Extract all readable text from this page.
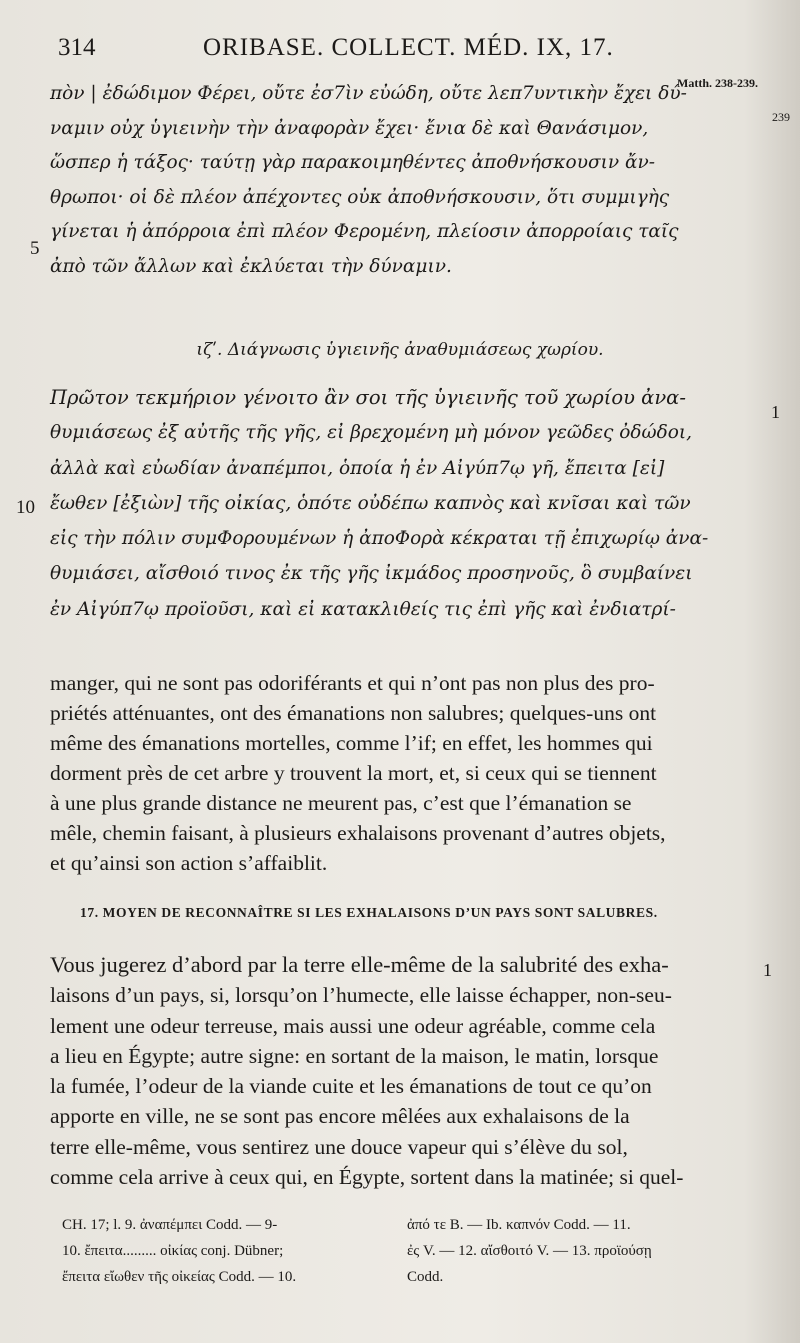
314	ORIBASE. COLLECT. MÉD. IX, 17.
Matth. 238-239.
239
5
10
1
1
πὸν | ἐδώδιμον Φέρει, οὔτε ἐσ7ὶν εὐώδη, οὔτε λεπ7υντικὴν ἔχει δύ-
ναμιν οὐχ ὑγιεινὴν τὴν ἀναφορὰν ἔχει· ἔνια δὲ καὶ Θανάσιμον,
ὥσπερ ἡ τάξος· ταύτῃ γὰρ παρακοιμηθέντες ἀποθνήσκουσιν ἄν-
θρωποι· οἱ δὲ πλέον ἀπέχοντες οὐκ ἀποθνήσκουσιν, ὅτι συμμιγὴς
γίνεται ἡ ἀπόρροια ἐπὶ πλέον Φερομένη, πλείοσιν ἀπορροίαις ταῖς
ἀπὸ τῶν ἄλλων καὶ ἐκλύεται τὴν δύναμιν.
ιζʹ. Διάγνωσις ὑγιεινῆς ἀναθυμιάσεως χωρίου.
Πρῶτον τεκμήριον γένοιτο ἂν σοι τῆς ὑγιεινῆς τοῦ χωρίου ἀνα-
θυμιάσεως ἐξ αὐτῆς τῆς γῆς, εἰ βρεχομένη μὴ μόνον γεῶδες ὀδώδοι,
ἀλλὰ καὶ εὐωδίαν ἀναπέμποι, ὁποία ἡ ἐν Αἰγύπ7ῳ γῆ, ἔπειτα [εἰ]
ἔωθεν [ἐξιὼν] τῆς οἰκίας, ὁπότε οὐδέπω καπνὸς καὶ κνῖσαι καὶ τῶν
εἰς τὴν πόλιν συμΦορουμένων ἡ ἀποΦορὰ κέκραται τῇ ἐπιχωρίῳ ἀνα-
θυμιάσει, αἴσθοιό τινος ἐκ τῆς γῆς ἰκμάδος προσηνοῦς, ὃ συμβαίνει
ἐν Αἰγύπ7ῳ προϊοῦσι, καὶ εἰ κατακλιθείς τις ἐπὶ γῆς καὶ ἐνδιατρί-
manger, qui ne sont pas odoriférants et qui n’ont pas non plus des pro-
priétés atténuantes, ont des émanations non salubres; quelques-uns ont
même des émanations mortelles, comme l’if; en effet, les hommes qui
dorment près de cet arbre y trouvent la mort, et, si ceux qui se tiennent
à une plus grande distance ne meurent pas, c’est que l’émanation se
mêle, chemin faisant, à plusieurs exhalaisons provenant d’autres objets,
et qu’ainsi son action s’affaiblit.
17. MOYEN DE RECONNAÎTRE SI LES EXHALAISONS D’UN PAYS SONT SALUBRES.
Vous jugerez d’abord par la terre elle-même de la salubrité des exha-
laisons d’un pays, si, lorsqu’on l’humecte, elle laisse échapper, non-seu-
lement une odeur terreuse, mais aussi une odeur agréable, comme cela
a lieu en Égypte; autre signe: en sortant de la maison, le matin, lorsque
la fumée, l’odeur de la viande cuite et les émanations de tout ce qu’on
apporte en ville, ne se sont pas encore mêlées aux exhalaisons de la
terre elle-même, vous sentirez une douce vapeur qui s’élève du sol,
comme cela arrive à ceux qui, en Égypte, sortent dans la matinée; si quel-
CH. 17; l. 9. ἀναπέμπει Codd. — 9-
10. ἔπειτα......... οἰκίας conj. Dübner;
ἔπειτα εἴωθεν τῆς οἰκείας Codd. — 10.
ἀπό τε B. — Ib. καπνόν Codd. — 11.
ἐς V. — 12. αἴσθοιτό V. — 13. προϊούσῃ
Codd.
